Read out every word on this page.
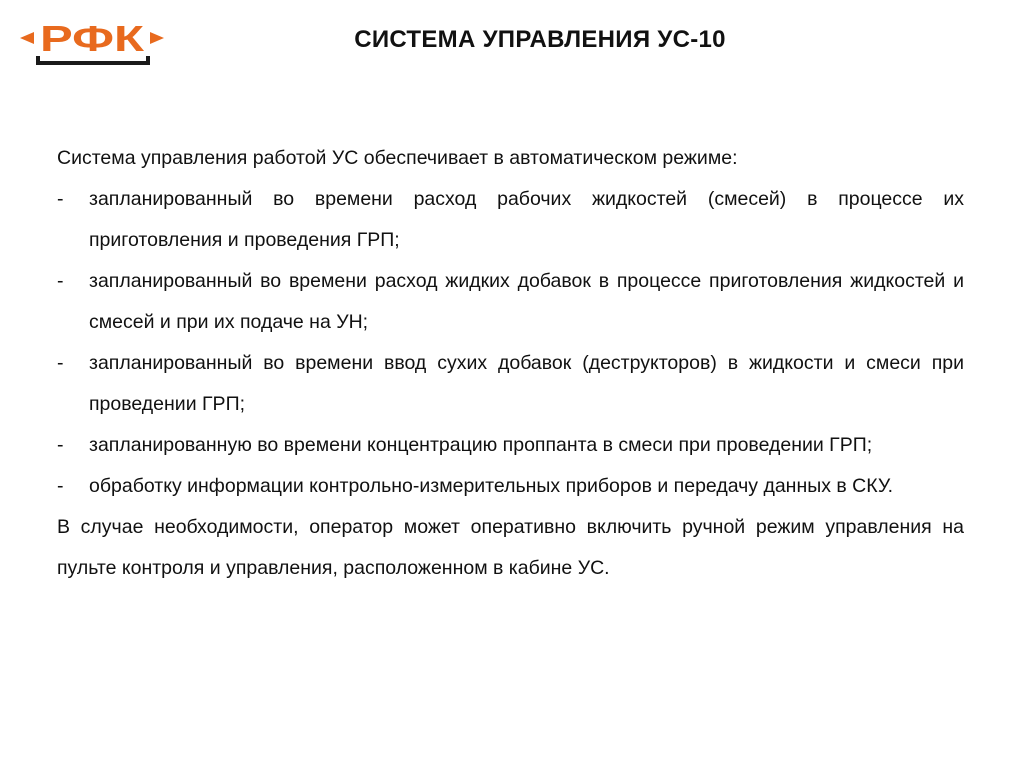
РФК	СИСТЕМА УПРАВЛЕНИЯ УС-10

Система управления работой УС обеспечивает в автоматическом режиме:

- запланированный во времени расход рабочих жидкостей (смесей) в процессе их приготовления и проведения ГРП;
- запланированный во времени расход жидких добавок в процессе приготовления жидкостей и смесей и при их подаче на УН;
- запланированный во времени ввод сухих добавок (деструкторов) в жидкости и смеси при проведении ГРП;
- запланированную во времени концентрацию проппанта в смеси при проведении ГРП;
- обработку информации контрольно-измерительных приборов и передачу данных в СКУ.

В случае необходимости, оператор может оперативно включить ручной режим управления на пульте контроля и управления, расположенном в кабине УС.
